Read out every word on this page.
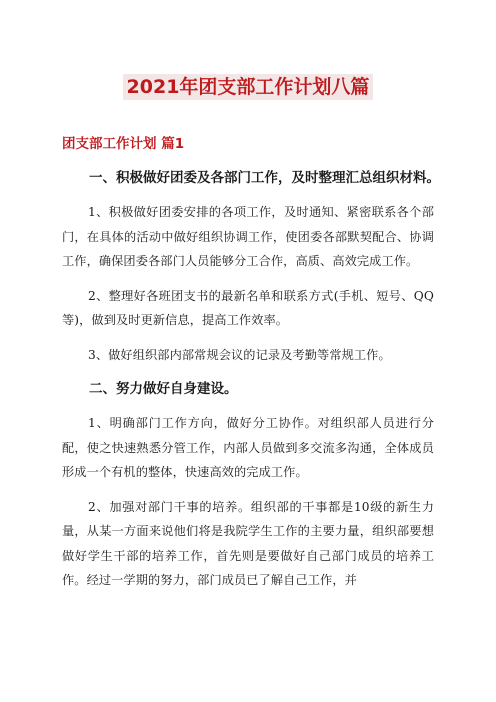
2021年团支部工作计划八篇
团支部工作计划 篇1
一、积极做好团委及各部门工作，及时整理汇总组织材料。

1、积极做好团委安排的各项工作，及时通知、紧密联系各个部门，在具体的活动中做好组织协调工作，使团委各部默契配合、协调工作，确保团委各部门人员能够分工合作，高质、高效完成工作。

2、整理好各班团支书的最新名单和联系方式(手机、短号、QQ等)，做到及时更新信息，提高工作效率。

3、做好组织部内部常规会议的记录及考勤等常规工作。

二、努力做好自身建设。

1、明确部门工作方向，做好分工协作。对组织部人员进行分配，使之快速熟悉分管工作，内部人员做到多交流多沟通，全体成员形成一个有机的整体，快速高效的完成工作。

2、加强对部门干事的培养。组织部的干事都是10级的新生力量，从某一方面来说他们将是我院学生工作的主要力量，组织部要想做好学生干部的培养工作，首先则是要做好自己部门成员的培养工作。经过一学期的努力，部门成员已了解自己工作，并
